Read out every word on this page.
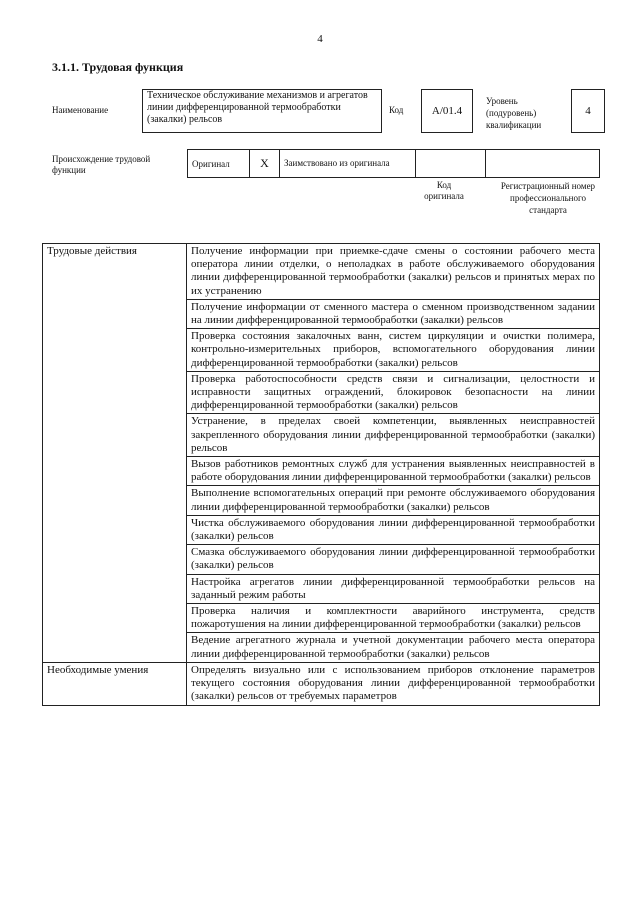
4
3.1.1. Трудовая функция
Наименование
Техническое обслуживание механизмов и агрегатов линии дифференцированной термообработки (закалки) рельсов
Код	А/01.4
Уровень (подуровень) квалификации
4
Происхождение трудовой функции
Оригинал	X	Заимствовано из оригинала		
Код оригинала
Регистрационный номер профессионального стандарта
Трудовые действия	Получение информации при приемке-сдаче смены о состоянии рабочего места оператора линии отделки, о неполадках в работе обслуживаемого оборудования линии дифференцированной термообработки (закалки) рельсов и принятых мерах по их устранению
	Получение информации от сменного мастера о сменном производственном задании на линии дифференцированной термообработки (закалки) рельсов
	Проверка состояния закалочных ванн, систем циркуляции и очистки полимера, контрольно-измерительных приборов, вспомогательного оборудования линии дифференцированной термообработки (закалки) рельсов
	Проверка работоспособности средств связи и сигнализации, целостности и исправности защитных ограждений, блокировок безопасности на линии дифференцированной термообработки (закалки) рельсов
	Устранение, в пределах своей компетенции, выявленных неисправностей закрепленного оборудования линии дифференцированной термообработки (закалки) рельсов
	Вызов работников ремонтных служб для устранения выявленных неисправностей в работе оборудования линии дифференцированной термообработки (закалки) рельсов
	Выполнение вспомогательных операций при ремонте обслуживаемого оборудования линии дифференцированной термообработки (закалки) рельсов
	Чистка обслуживаемого оборудования линии дифференцированной термообработки (закалки) рельсов
	Смазка обслуживаемого оборудования линии дифференцированной термообработки (закалки) рельсов
	Настройка агрегатов линии дифференцированной термообработки рельсов на заданный режим работы
	Проверка наличия и комплектности аварийного инструмента, средств пожаротушения на линии дифференцированной термообработки (закалки) рельсов
	Ведение агрегатного журнала и учетной документации рабочего места оператора линии дифференцированной термообработки (закалки) рельсов
Необходимые умения	Определять визуально или с использованием приборов отклонение параметров текущего состояния оборудования линии дифференцированной термообработки (закалки) рельсов от требуемых параметров
